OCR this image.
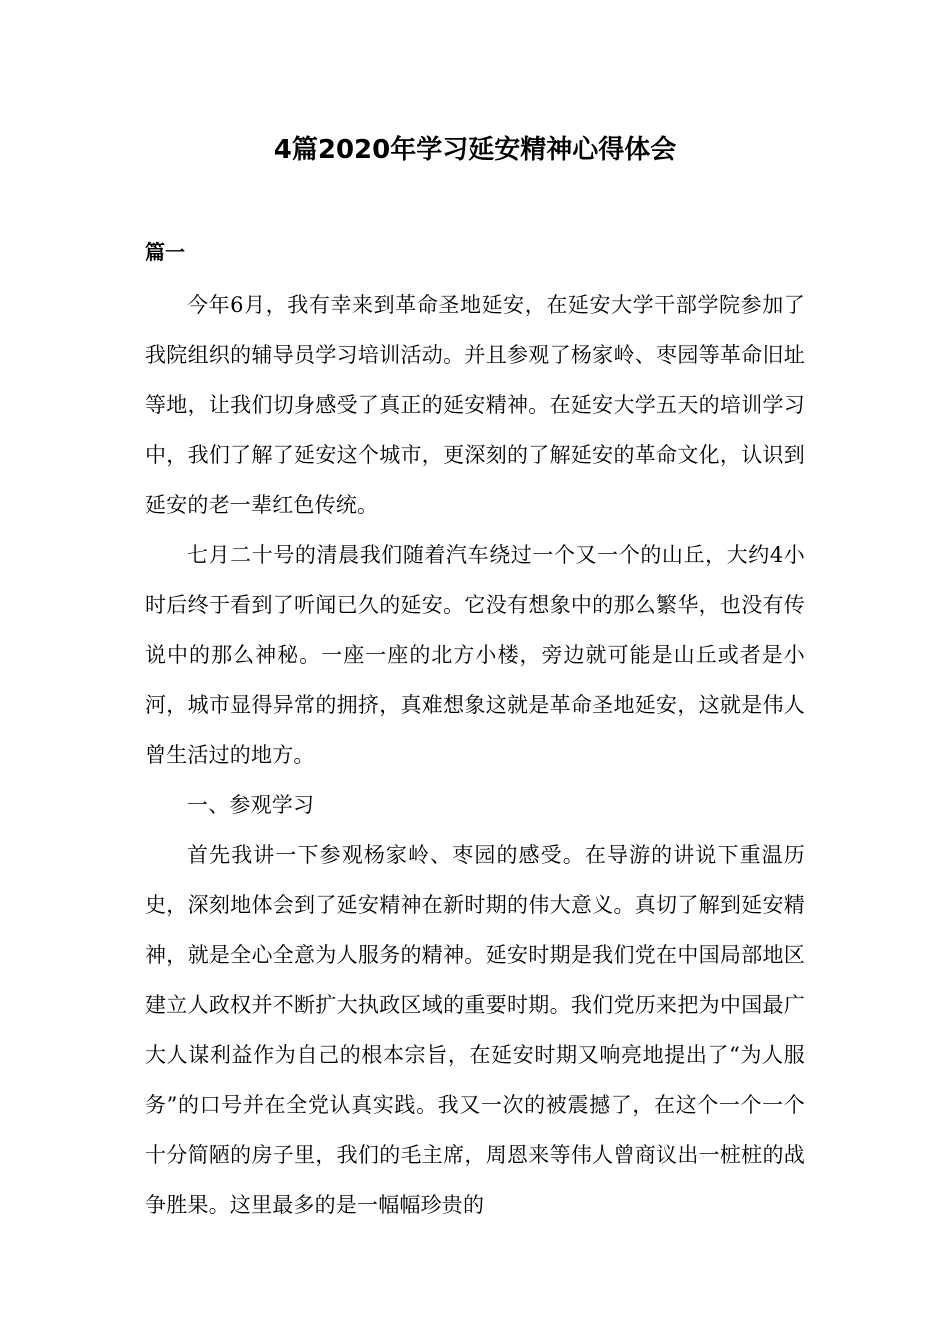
4篇2020年学习延安精神心得体会
篇一

今年6月，我有幸来到革命圣地延安，在延安大学干部学院参加了我院组织的辅导员学习培训活动。并且参观了杨家岭、枣园等革命旧址等地，让我们切身感受了真正的延安精神。在延安大学五天的培训学习中，我们了解了延安这个城市，更深刻的了解延安的革命文化，认识到延安的老一辈红色传统。

七月二十号的清晨我们随着汽车绕过一个又一个的山丘，大约4小时后终于看到了听闻已久的延安。它没有想象中的那么繁华，也没有传说中的那么神秘。一座一座的北方小楼，旁边就可能是山丘或者是小河，城市显得异常的拥挤，真难想象这就是革命圣地延安，这就是伟人曾生活过的地方。

一、参观学习

首先我讲一下参观杨家岭、枣园的感受。在导游的讲说下重温历史，深刻地体会到了延安精神在新时期的伟大意义。真切了解到延安精神，就是全心全意为人服务的精神。延安时期是我们党在中国局部地区建立人政权并不断扩大执政区域的重要时期。我们党历来把为中国最广大人谋利益作为自己的根本宗旨，在延安时期又响亮地提出了“为人服务”的口号并在全党认真实践。我又一次的被震撼了，在这个一个一个十分简陋的房子里，我们的毛主席，周恩来等伟人曾商议出一桩桩的战争胜果。这里最多的是一幅幅珍贵的
